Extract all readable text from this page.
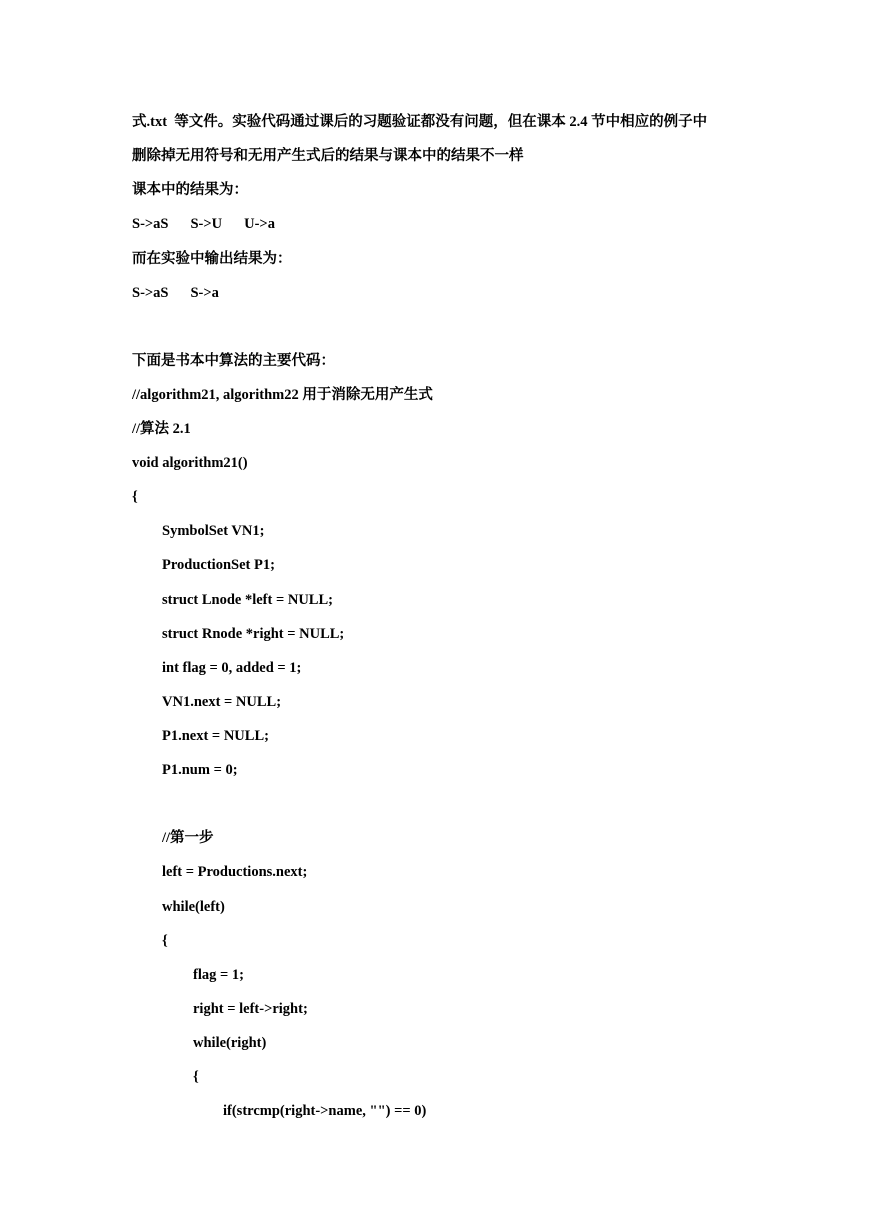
式.txt  等文件。实验代码通过课后的习题验证都没有问题，但在课本 2.4 节中相应的例子中
删除掉无用符号和无用产生式后的结果与课本中的结果不一样
课本中的结果为：
S->aS S->U U->a
而在实验中输出结果为：
S->aS S->a
下面是书本中算法的主要代码：
//algorithm21, algorithm22 用于消除无用产生式
//算法 2.1
void algorithm21()
{
SymbolSet VN1;
ProductionSet P1;
struct Lnode *left = NULL;
struct Rnode *right = NULL;
int flag = 0, added = 1;
VN1.next = NULL;
P1.next = NULL;
P1.num = 0;
//第一步
left = Productions.next;
while(left)
{
flag = 1;
right = left->right;
while(right)
{
if(strcmp(right->name, "") == 0)
